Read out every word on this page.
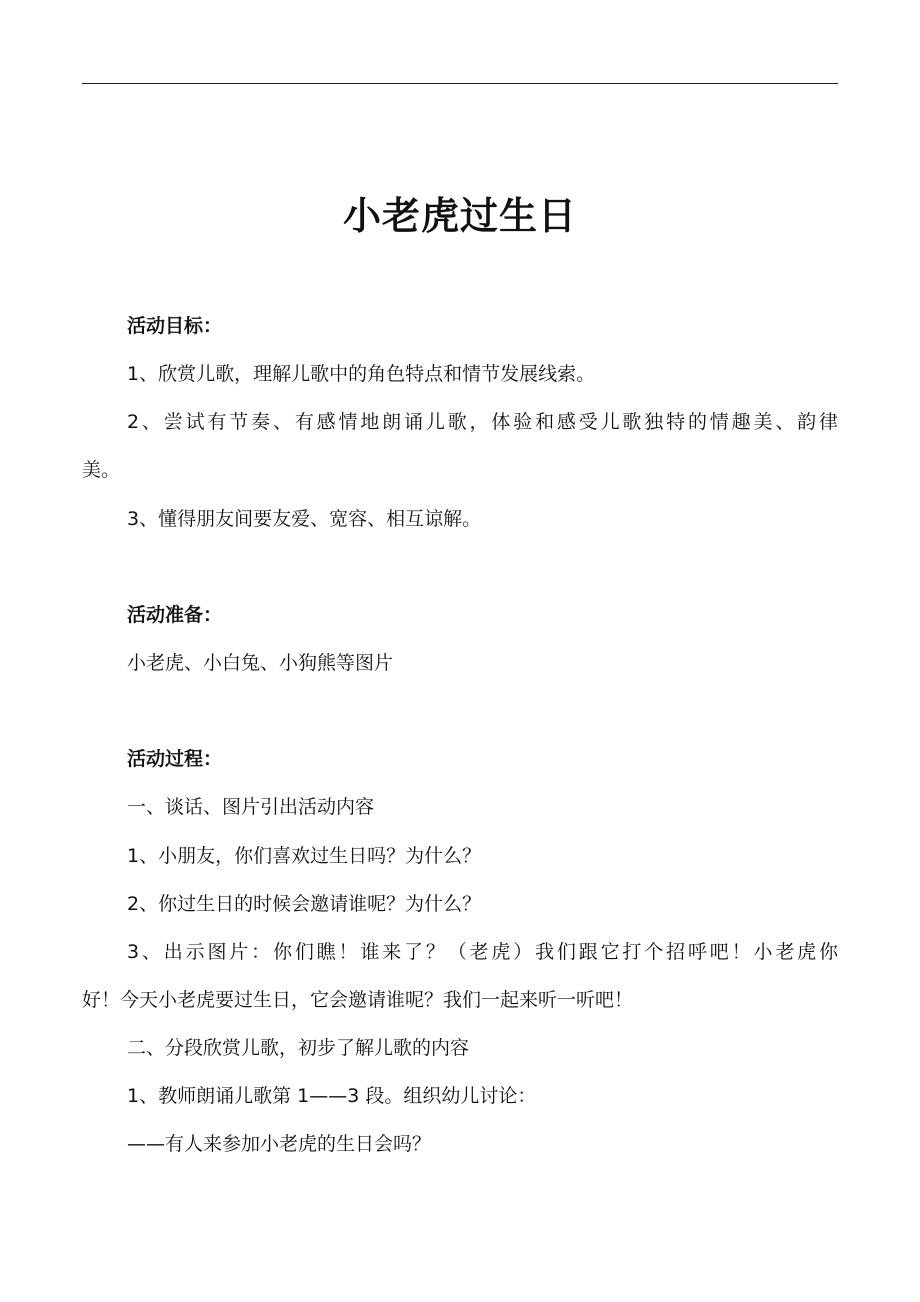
小老虎过生日
活动目标：
1、欣赏儿歌，理解儿歌中的角色特点和情节发展线索。
2、尝试有节奏、有感情地朗诵儿歌，体验和感受儿歌独特的情趣美、韵律
美。
3、懂得朋友间要友爱、宽容、相互谅解。
活动准备：
小老虎、小白兔、小狗熊等图片
活动过程：
一、谈话、图片引出活动内容
1、小朋友，你们喜欢过生日吗？为什么？
2、你过生日的时候会邀请谁呢？为什么？
3、出示图片：你们瞧！谁来了？（老虎）我们跟它打个招呼吧！小老虎你
好！今天小老虎要过生日，它会邀请谁呢？我们一起来听一听吧！
二、分段欣赏儿歌，初步了解儿歌的内容
1、教师朗诵儿歌第 1——3 段。组织幼儿讨论：
——有人来参加小老虎的生日会吗？
